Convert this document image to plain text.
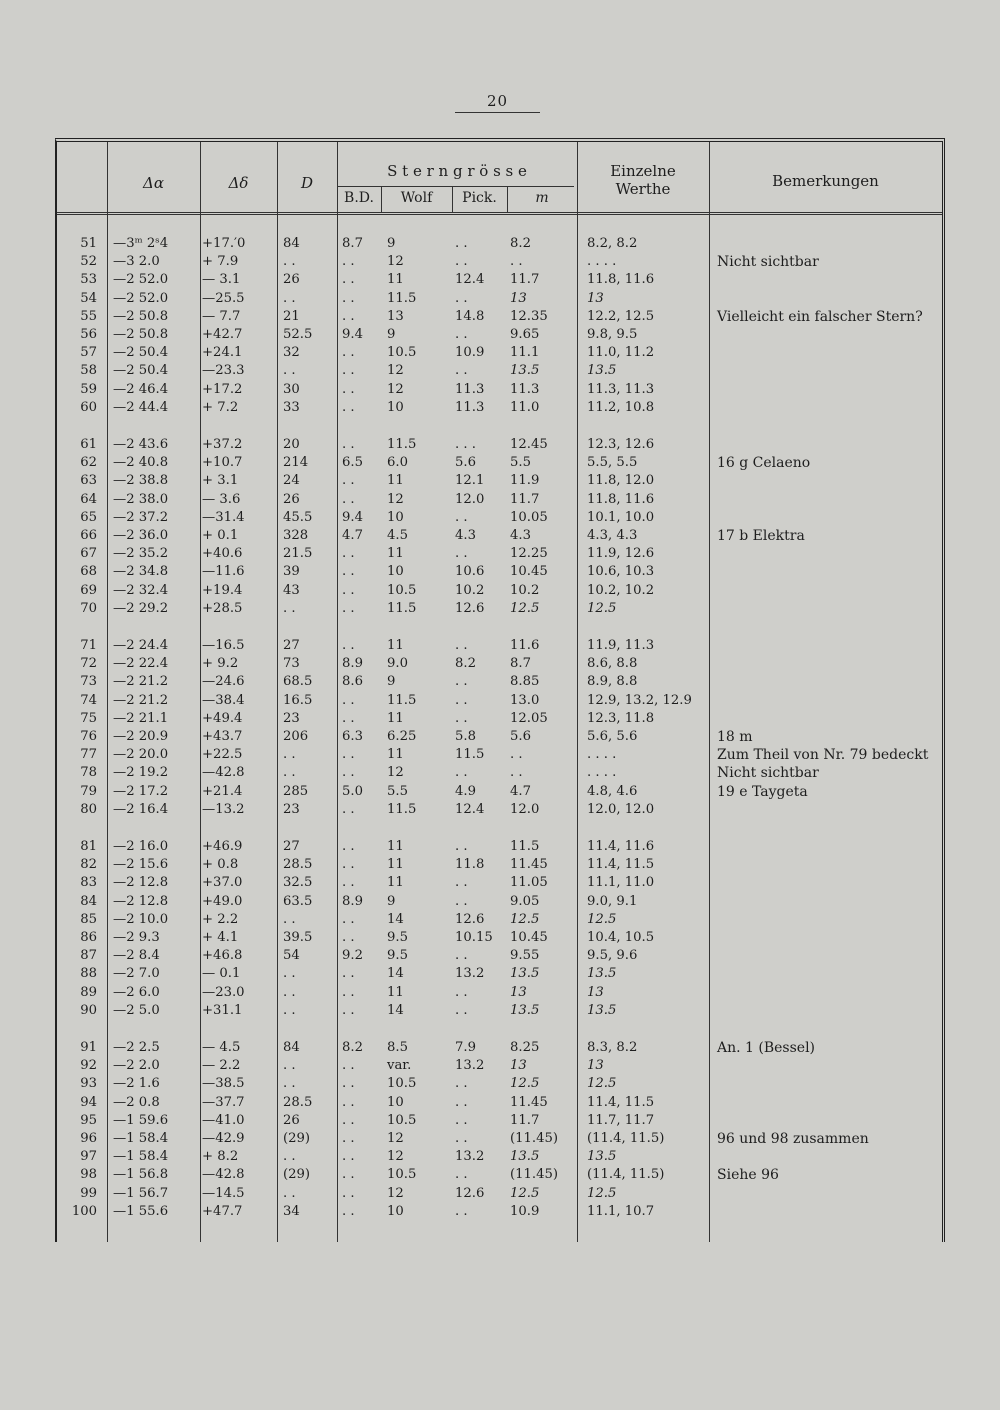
20
Δα	Δδ	D
S t e r n g r ö s s e
B.D.	Wolf	Pick.	m
Einzelne
Werthe	Bemerkungen
51 —3ᵐ 2ˢ4	+17.′0	84	8.7	9	. .	8.2	8.2, 8.2
52 —3 2.0	+ 7.9	. .	. .	12	. .	. .	. . . .	Nicht sichtbar
53 —2 52.0	— 3.1	26	. .	11	12.4	11.7	11.8, 11.6
54 —2 52.0	—25.5	. .	. .	11.5	. .	13	13
55 —2 50.8	— 7.7	21	. .	13	14.8	12.35	12.2, 12.5	Vielleicht ein falscher Stern?
56 —2 50.8	+42.7	52.5	9.4	9	. .	9.65	9.8, 9.5
57 —2 50.4	+24.1	32	. .	10.5	10.9	11.1	11.0, 11.2
58 —2 50.4	—23.3	. .	. .	12	. .	13.5	13.5
59 —2 46.4	+17.2	30	. .	12	11.3	11.3	11.3, 11.3
60 —2 44.4	+ 7.2	33	. .	10	11.3	11.0	11.2, 10.8
61 —2 43.6	+37.2	20	. .	11.5	. . .	12.45	12.3, 12.6
62 —2 40.8	+10.7	214	6.5	6.0	5.6	5.5	5.5, 5.5	16 g Celaeno
63 —2 38.8	+ 3.1	24	. .	11	12.1	11.9	11.8, 12.0
64 —2 38.0	— 3.6	26	. .	12	12.0	11.7	11.8, 11.6
65 —2 37.2	—31.4	45.5	9.4	10	. .	10.05	10.1, 10.0
66 —2 36.0	+ 0.1	328	4.7	4.5	4.3	4.3	4.3, 4.3	17 b Elektra
67 —2 35.2	+40.6	21.5	. .	11	. .	12.25	11.9, 12.6
68 —2 34.8	—11.6	39	. .	10	10.6	10.45	10.6, 10.3
69 —2 32.4	+19.4	43	. .	10.5	10.2	10.2	10.2, 10.2
70 —2 29.2	+28.5	. .	. .	11.5	12.6	12.5	12.5
71 —2 24.4	—16.5	27	. .	11	. .	11.6	11.9, 11.3
72 —2 22.4	+ 9.2	73	8.9	9.0	8.2	8.7	8.6, 8.8
73 —2 21.2	—24.6	68.5	8.6	9	. .	8.85	8.9, 8.8
74 —2 21.2	—38.4	16.5	. .	11.5	. .	13.0	12.9, 13.2, 12.9
75 —2 21.1	+49.4	23	. .	11	. .	12.05	12.3, 11.8
76 —2 20.9	+43.7	206	6.3	6.25	5.8	5.6	5.6, 5.6	18 m
77 —2 20.0	+22.5	. .	. .	11	11.5	. .	. . . .	Zum Theil von Nr. 79 bedeckt
78 —2 19.2	—42.8	. .	. .	12	. .	. .	. . . .	Nicht sichtbar
79 —2 17.2	+21.4	285	5.0	5.5	4.9	4.7	4.8, 4.6	19 e Taygeta
80 —2 16.4	—13.2	23	. .	11.5	12.4	12.0	12.0, 12.0
81 —2 16.0	+46.9	27	. .	11	. .	11.5	11.4, 11.6
82 —2 15.6	+ 0.8	28.5	. .	11	11.8	11.45	11.4, 11.5
83 —2 12.8	+37.0	32.5	. .	11	. .	11.05	11.1, 11.0
84 —2 12.8	+49.0	63.5	8.9	9	. .	9.05	9.0, 9.1
85 —2 10.0	+ 2.2	. .	. .	14	12.6	12.5	12.5
86 —2 9.3	+ 4.1	39.5	. .	9.5	10.15	10.45	10.4, 10.5
87 —2 8.4	+46.8	54	9.2	9.5	. .	9.55	9.5, 9.6
88 —2 7.0	— 0.1	. .	. .	14	13.2	13.5	13.5
89 —2 6.0	—23.0	. .	. .	11	. .	13	13
90 —2 5.0	+31.1	. .	. .	14	. .	13.5	13.5
91 —2 2.5	— 4.5	84	8.2	8.5	7.9	8.25	8.3, 8.2	An. 1 (Bessel)
92 —2 2.0	— 2.2	. .	. .	var.	13.2	13	13
93 —2 1.6	—38.5	. .	. .	10.5	. .	12.5	12.5
94 —2 0.8	—37.7	28.5	. .	10	. .	11.45	11.4, 11.5
95 —1 59.6	—41.0	26	. .	10.5	. .	11.7	11.7, 11.7
96 —1 58.4	—42.9	(29)	. .	12	. .	(11.45)	(11.4, 11.5)	96 und 98 zusammen
97 —1 58.4	+ 8.2	. .	. .	12	13.2	13.5	13.5
98 —1 56.8	—42.8	(29)	. .	10.5	. .	(11.45)	(11.4, 11.5)	Siehe 96
99 —1 56.7	—14.5	. .	. .	12	12.6	12.5	12.5
100 —1 55.6	+47.7	34	. .	10	. .	10.9	11.1, 10.7
